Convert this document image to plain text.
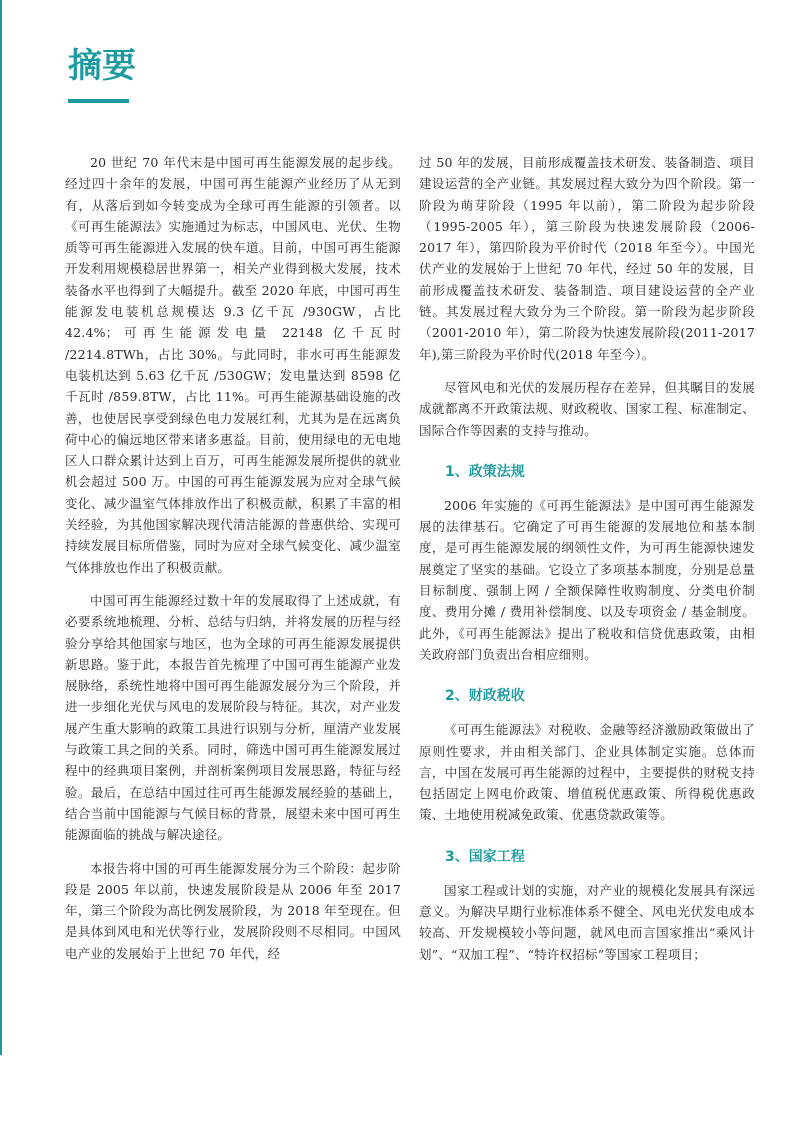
摘要

20 世纪 70 年代末是中国可再生能源发展的起步线。经过四十余年的发展，中国可再生能源产业经历了从无到有，从落后到如今转变成为全球可再生能源的引领者。以《可再生能源法》实施通过为标志，中国风电、光伏、生物质等可再生能源进入发展的快车道。目前，中国可再生能源开发利用规模稳居世界第一，相关产业得到极大发展，技术装备水平也得到了大幅提升。截至 2020 年底，中国可再生能源发电装机总规模达 9.3 亿千瓦 /930GW，占比 42.4%；可再生能源发电量 22148 亿千瓦时 /2214.8TWh，占比 30%。与此同时，非水可再生能源发电装机达到 5.63 亿千瓦 /530GW；发电量达到 8598 亿千瓦时 /859.8TW，占比 11%。可再生能源基础设施的改善，也使居民享受到绿色电力发展红利，尤其为是在远离负荷中心的偏远地区带来诸多惠益。目前，使用绿电的无电地区人口群众累计达到上百万，可再生能源发展所提供的就业机会超过 500 万。中国的可再生能源发展为应对全球气候变化、减少温室气体排放作出了积极贡献，积累了丰富的相关经验，为其他国家解决现代清洁能源的普惠供给、实现可持续发展目标所借鉴，同时为应对全球气候变化、减少温室气体排放也作出了积极贡献。

中国可再生能源经过数十年的发展取得了上述成就，有必要系统地梳理、分析、总结与归纳，并将发展的历程与经验分享给其他国家与地区，也为全球的可再生能源发展提供新思路。鉴于此，本报告首先梳理了中国可再生能源产业发展脉络，系统性地将中国可再生能源发展分为三个阶段，并进一步细化光伏与风电的发展阶段与特征。其次，对产业发展产生重大影响的政策工具进行识别与分析，厘清产业发展与政策工具之间的关系。同时，筛选中国可再生能源发展过程中的经典项目案例，并剖析案例项目发展思路，特征与经验。最后，在总结中国过往可再生能源发展经验的基础上，结合当前中国能源与气候目标的背景，展望未来中国可再生能源面临的挑战与解决途径。

本报告将中国的可再生能源发展分为三个阶段：起步阶段是 2005 年以前，快速发展阶段是从 2006 年至 2017 年，第三个阶段为高比例发展阶段，为 2018 年至现在。但是具体到风电和光伏等行业，发展阶段则不尽相同。中国风电产业的发展始于上世纪 70 年代，经

过 50 年的发展，目前形成覆盖技术研发、装备制造、项目建设运营的全产业链。其发展过程大致分为四个阶段。第一阶段为萌芽阶段（1995 年以前），第二阶段为起步阶段（1995-2005 年），第三阶段为快速发展阶段（2006-2017 年），第四阶段为平价时代（2018 年至今）。中国光伏产业的发展始于上世纪 70 年代，经过 50 年的发展，目前形成覆盖技术研发、装备制造、项目建设运营的全产业链。其发展过程大致分为三个阶段。第一阶段为起步阶段（2001-2010 年），第二阶段为快速发展阶段(2011-2017 年),第三阶段为平价时代(2018 年至今）。

尽管风电和光伏的发展历程存在差异，但其瞩目的发展成就都离不开政策法规、财政税收、国家工程、标准制定、国际合作等因素的支持与推动。

1、政策法规

2006 年实施的《可再生能源法》是中国可再生能源发展的法律基石。它确定了可再生能源的发展地位和基本制度，是可再生能源发展的纲领性文件，为可再生能源快速发展奠定了坚实的基础。它设立了多项基本制度，分别是总量目标制度、强制上网 / 全额保障性收购制度、分类电价制度、费用分摊 / 费用补偿制度、以及专项资金 / 基金制度。此外，《可再生能源法》提出了税收和信贷优惠政策，由相关政府部门负责出台相应细则。

2、财政税收

《可再生能源法》对税收、金融等经济激励政策做出了原则性要求，并由相关部门、企业具体制定实施。总体而言，中国在发展可再生能源的过程中，主要提供的财税支持包括固定上网电价政策、增值税优惠政策、所得税优惠政策、土地使用税减免政策、优惠贷款政策等。

3、国家工程

国家工程或计划的实施，对产业的规模化发展具有深远意义。为解决早期行业标准体系不健全、风电光伏发电成本较高、开发规模较小等问题，就风电而言国家推出“乘风计划”、“双加工程”、“特许权招标”等国家工程项目；
